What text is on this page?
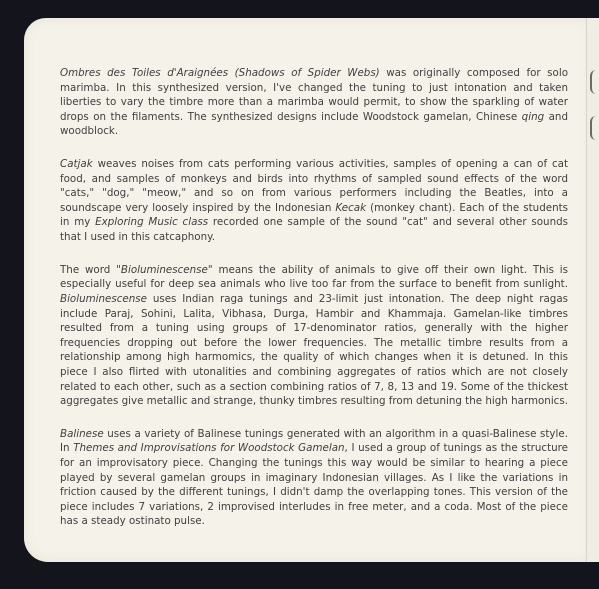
Ombres des Toiles d'Araignées (Shadows of Spider Webs) was originally composed for solo marimba. In this synthesized version, I've changed the tuning to just intonation and taken liberties to vary the timbre more than a marimba would permit, to show the sparkling of water drops on the filaments. The synthesized designs include Woodstock gamelan, Chinese qing and woodblock.

Catjak weaves noises from cats performing various activities, samples of opening a can of cat food, and samples of monkeys and birds into rhythms of sampled sound effects of the word "cats," "dog," "meow," and so on from various performers including the Beatles, into a soundscape very loosely inspired by the Indonesian Kecak (monkey chant). Each of the students in my Exploring Music class recorded one sample of the sound "cat" and several other sounds that I used in this catcaphony.

The word "Bioluminescense" means the ability of animals to give off their own light. This is especially useful for deep sea animals who live too far from the surface to benefit from sunlight. Bioluminescense uses Indian raga tunings and 23-limit just intonation. The deep night ragas include Paraj, Sohini, Lalita, Vibhasa, Durga, Hambir and Khammaja. Gamelan-like timbres resulted from a tuning using groups of 17-denominator ratios, generally with the higher frequencies dropping out before the lower frequencies. The metallic timbre results from a relationship among high harmomics, the quality of which changes when it is detuned. In this piece I also flirted with utonalities and combining aggregates of ratios which are not closely related to each other, such as a section combining ratios of 7, 8, 13 and 19. Some of the thickest aggregates give metallic and strange, thunky timbres resulting from detuning the high harmonics.

Balinese uses a variety of Balinese tunings generated with an algorithm in a quasi-Balinese style. In Themes and Improvisations for Woodstock Gamelan, I used a group of tunings as the structure for an improvisatory piece. Changing the tunings this way would be similar to hearing a piece played by several gamelan groups in imaginary Indonesian villages. As I like the variations in friction caused by the different tunings, I didn't damp the overlapping tones. This version of the piece includes 7 variations, 2 improvised interludes in free meter, and a coda. Most of the piece has a steady ostinato pulse.
